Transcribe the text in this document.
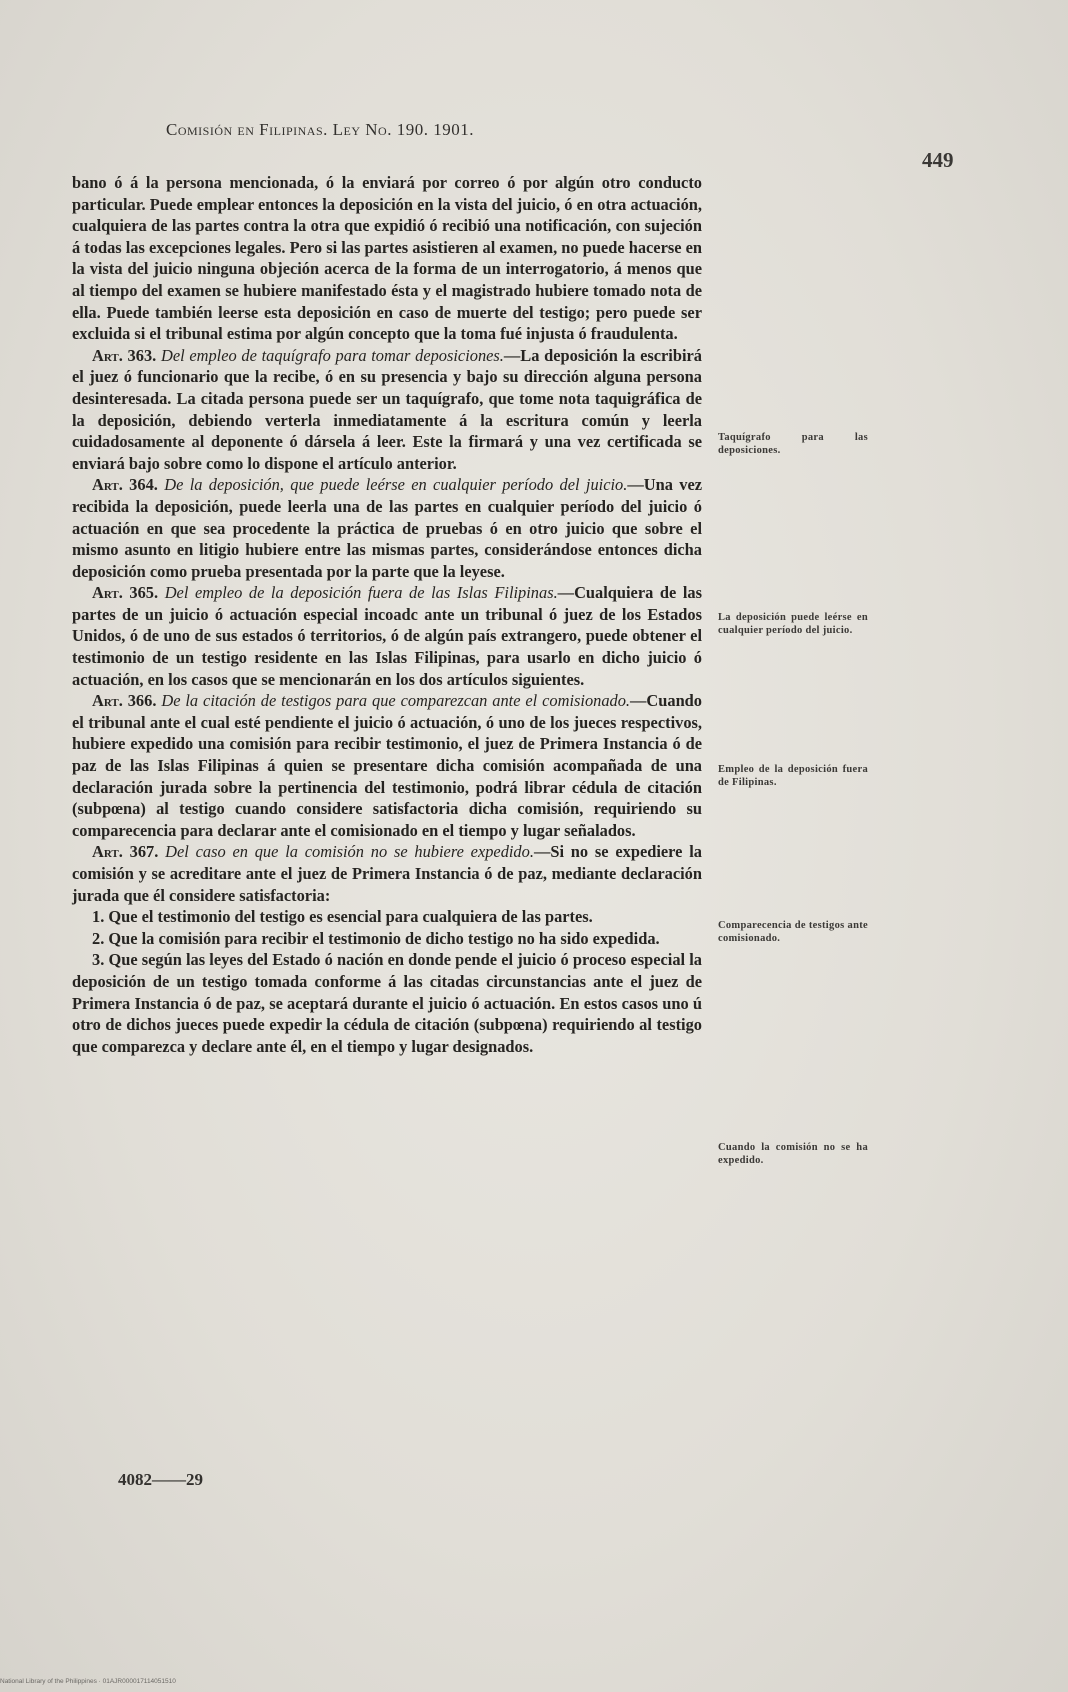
Comisión en Filipinas. Ley No. 190. 1901.
449

bano ó á la persona mencionada, ó la enviará por correo ó por algún otro conducto particular. Puede emplear entonces la deposición en la vista del juicio, ó en otra actuación, cualquiera de las partes contra la otra que expidió ó recibió una notificación, con sujeción á todas las excepciones legales. Pero si las partes asistieren al examen, no puede hacerse en la vista del juicio ninguna objeción acerca de la forma de un interrogatorio, á menos que al tiempo del examen se hubiere manifestado ésta y el magistrado hubiere tomado nota de ella. Puede también leerse esta deposición en caso de muerte del testigo; pero puede ser excluida si el tribunal estima por algún concepto que la toma fué injusta ó fraudulenta.

Art. 363. Del empleo de taquígrafo para tomar deposiciones.—La deposición la escribirá el juez ó funcionario que la recibe, ó en su presencia y bajo su dirección alguna persona desinteresada. La citada persona puede ser un taquígrafo, que tome nota taquigráfica de la deposición, debiendo verterla inmediatamente á la escritura común y leerla cuidadosamente al deponente ó dársela á leer. Este la firmará y una vez certificada se enviará bajo sobre como lo dispone el artículo anterior.

Art. 364. De la deposición, que puede leérse en cualquier período del juicio.—Una vez recibida la deposición, puede leerla una de las partes en cualquier período del juicio ó actuación en que sea procedente la práctica de pruebas ó en otro juicio que sobre el mismo asunto en litigio hubiere entre las mismas partes, considerándose entonces dicha deposición como prueba presentada por la parte que la leyese.

Art. 365. Del empleo de la deposición fuera de las Islas Filipinas.—Cualquiera de las partes de un juicio ó actuación especial incoadc ante un tribunal ó juez de los Estados Unidos, ó de uno de sus estados ó territorios, ó de algún país extrangero, puede obtener el testimonio de un testigo residente en las Islas Filipinas, para usarlo en dicho juicio ó actuación, en los casos que se mencionarán en los dos artículos siguientes.

Art. 366. De la citación de testigos para que comparezcan ante el comisionado.—Cuando el tribunal ante el cual esté pendiente el juicio ó actuación, ó uno de los jueces respectivos, hubiere expedido una comisión para recibir testimonio, el juez de Primera Instancia ó de paz de las Islas Filipinas á quien se presentare dicha comisión acompañada de una declaración jurada sobre la pertinencia del testimonio, podrá librar cédula de citación (subpœna) al testigo cuando considere satisfactoria dicha comisión, requiriendo su comparecencia para declarar ante el comisionado en el tiempo y lugar señalados.

Art. 367. Del caso en que la comisión no se hubiere expedido.—Si no se expediere la comisión y se acreditare ante el juez de Primera Instancia ó de paz, mediante declaración jurada que él considere satisfactoria:

1. Que el testimonio del testigo es esencial para cualquiera de las partes.

2. Que la comisión para recibir el testimonio de dicho testigo no ha sido expedida.

3. Que según las leyes del Estado ó nación en donde pende el juicio ó proceso especial la deposición de un testigo tomada conforme á las citadas circunstancias ante el juez de Primera Instancia ó de paz, se aceptará durante el juicio ó actuación. En estos casos uno ú otro de dichos jueces puede expedir la cédula de citación (subpœna) requiriendo al testigo que comparezca y declare ante él, en el tiempo y lugar designados.

Taquígrafo para las deposiciones.
La deposición puede leérse en cualquier período del juicio.
Empleo de la deposición fuera de Filipinas.
Comparecencia de testigos ante comisionado.
Cuando la comisión no se ha expedido.
4082——29
National Library of the Philippines · 01AJR000017114051510
